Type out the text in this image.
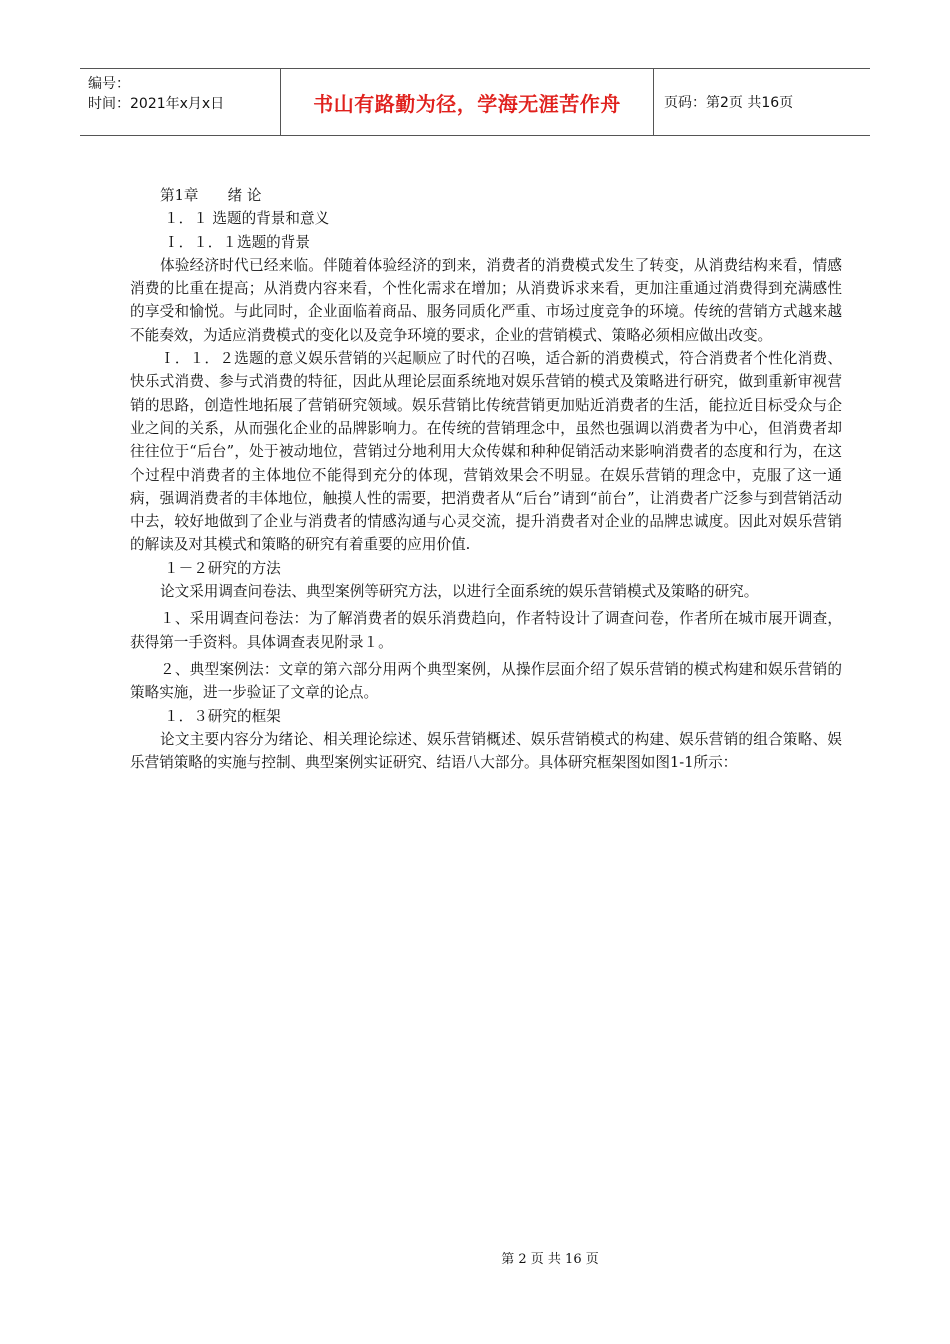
编号：
时间：2021年x月x日	书山有路勤为径，学海无涯苦作舟	页码：第2页 共16页

第1章　　绪 论

１．１ 选题的背景和意义

Ｉ．１．１选题的背景

体验经济时代已经来临。伴随着体验经济的到来，消费者的消费模式发生了转变，从消费结构来看，情感消费的比重在提高；从消费内容来看，个性化需求在增加；从消费诉求来看，更加注重通过消费得到充满感性的享受和愉悦。与此同时，企业面临着商品、服务同质化严重、市场过度竞争的环境。传统的营销方式越来越不能奏效，为适应消费模式的变化以及竞争环境的要求，企业的营销模式、策略必须相应做出改变。

Ｉ．１．２选题的意义娱乐营销的兴起顺应了时代的召唤，适合新的消费模式，符合消费者个性化消费、快乐式消费、参与式消费的特征，因此从理论层面系统地对娱乐营销的模式及策略进行研究，做到重新审视营销的思路，创造性地拓展了营销研究领域。娱乐营销比传统营销更加贴近消费者的生活，能拉近目标受众与企业之间的关系，从而强化企业的品牌影响力。在传统的营销理念中，虽然也强调以消费者为中心，但消费者却往往位于“后台”，处于被动地位，营销过分地利用大众传媒和种种促销活动来影响消费者的态度和行为，在这个过程中消费者的主体地位不能得到充分的体现，营销效果会不明显。在娱乐营销的理念中，克服了这一通病，强调消费者的丰体地位，触摸人性的需要，把消费者从“后台”请到“前台”，让消费者广泛参与到营销活动中去，较好地做到了企业与消费者的情感沟通与心灵交流，提升消费者对企业的品牌忠诚度。因此对娱乐营销的解读及对其模式和策略的研究有着重要的应用价值.

１－２研究的方法

论文采用调查问卷法、典型案例等研究方法，以进行全面系统的娱乐营销模式及策略的研究。

１、采用调查问卷法：为了解消费者的娱乐消费趋向，作者特设计了调查问卷，作者所在城市展开调查，获得第一手资料。具体调查表见附录１。

２、典型案例法：文章的第六部分用两个典型案例，从操作层面介绍了娱乐营销的模式构建和娱乐营销的策略实施，进一步验证了文章的论点。

１．３研究的框架

论文主要内容分为绪论、相关理论综述、娱乐营销概述、娱乐营销模式的构建、娱乐营销的组合策略、娱乐营销策略的实施与控制、典型案例实证研究、结语八大部分。具体研究框架图如图1-1所示：

第 2 页 共 16 页
